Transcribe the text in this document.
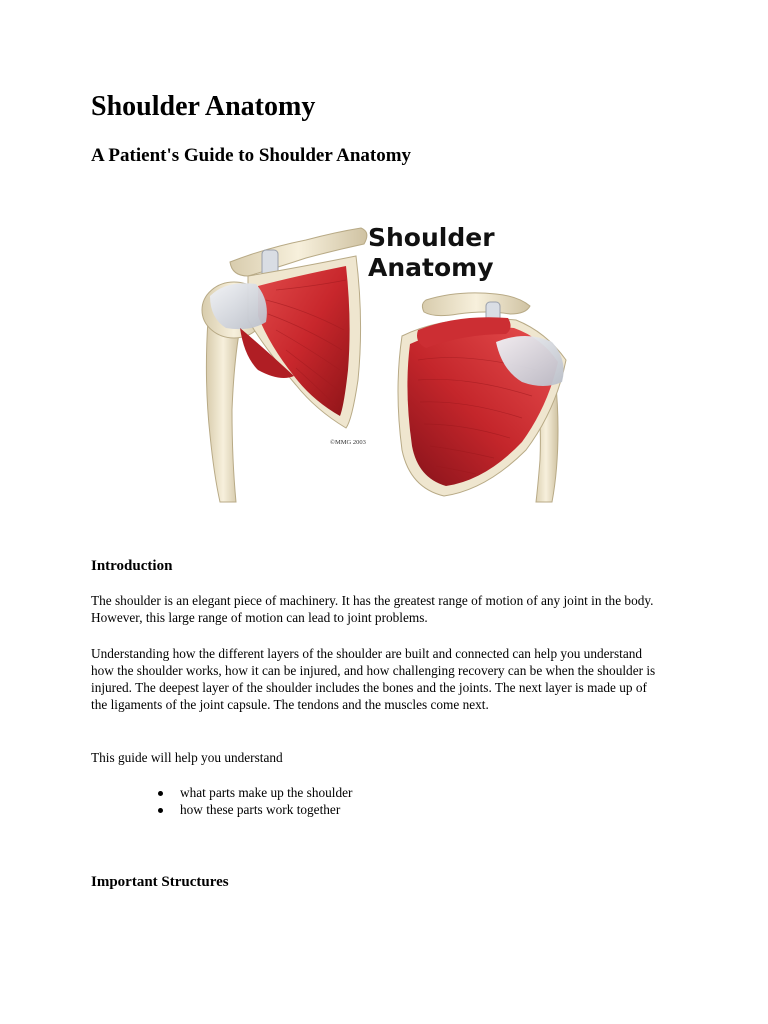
Shoulder Anatomy
A Patient's Guide to Shoulder Anatomy
Shoulder
Anatomy
©MMG 2003
Introduction

The shoulder is an elegant piece of machinery. It has the greatest range of motion of any joint in the body. However, this large range of motion can lead to joint problems.

Understanding how the different layers of the shoulder are built and connected can help you understand how the shoulder works, how it can be injured, and how challenging recovery can be when the shoulder is injured. The deepest layer of the shoulder includes the bones and the joints. The next layer is made up of the ligaments of the joint capsule. The tendons and the muscles come next.

This guide will help you understand

what parts make up the shoulder
how these parts work together
Important Structures
